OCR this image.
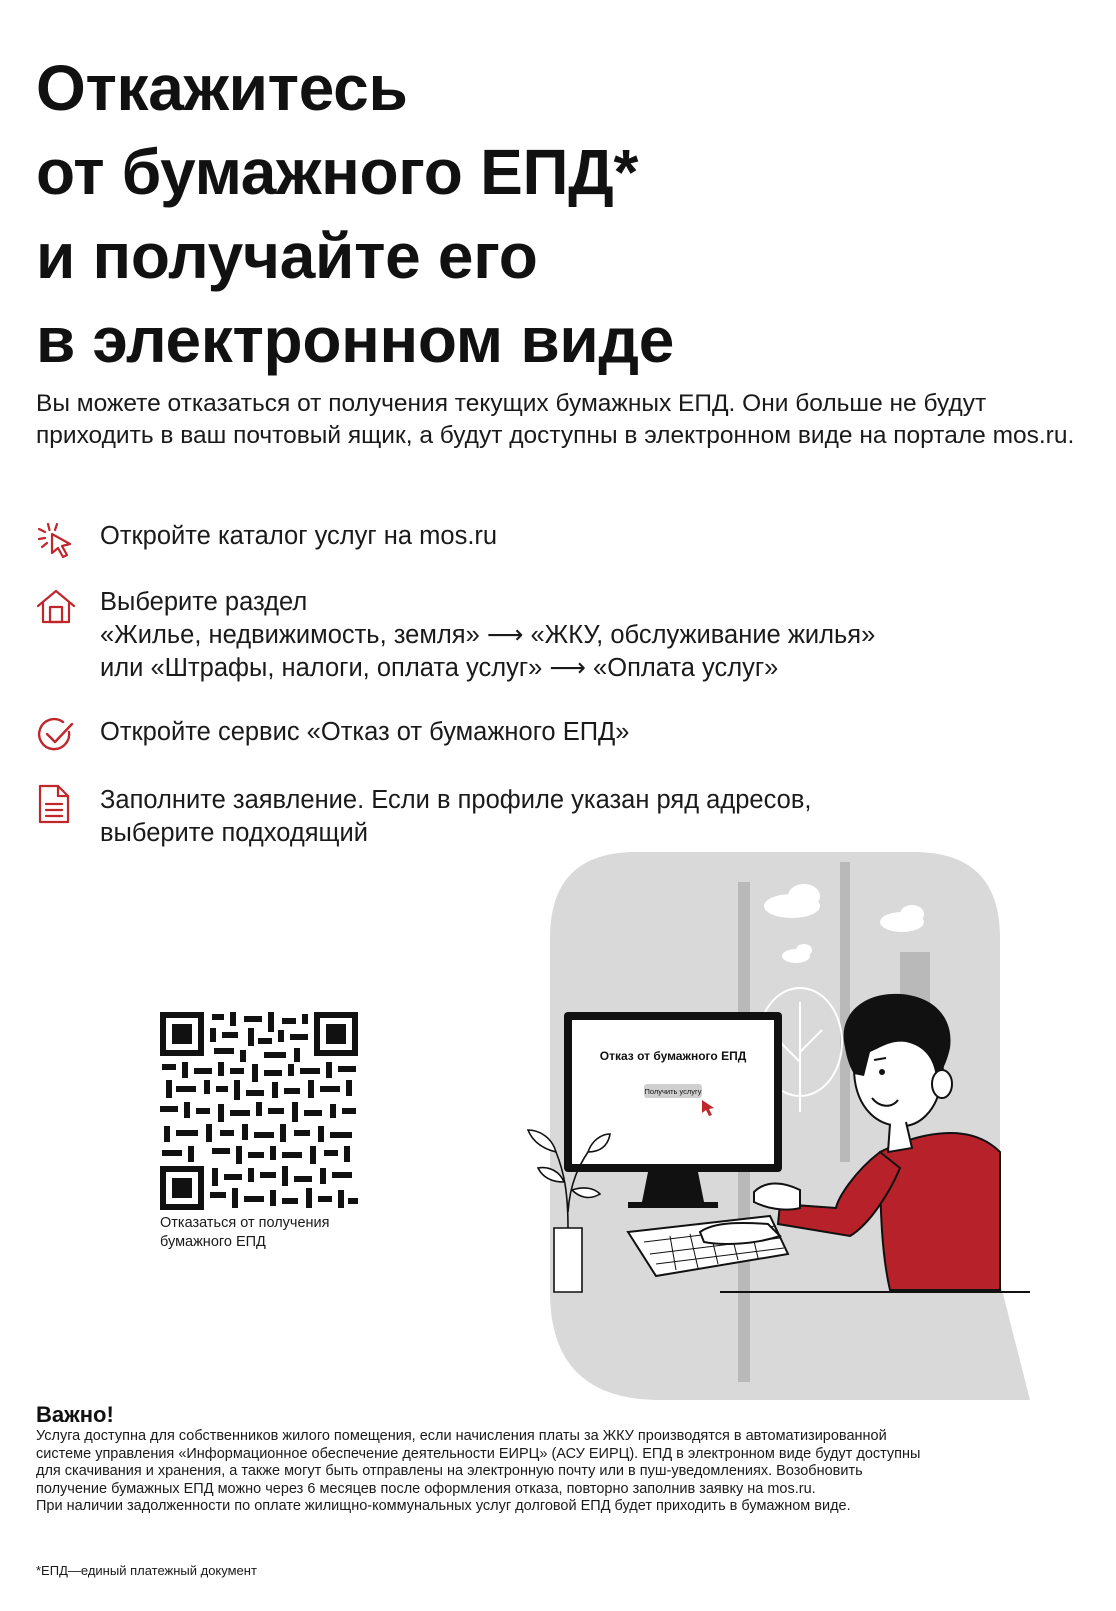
Откажитесь
от бумажного ЕПД*
и получайте его
в электронном виде

Вы можете отказаться от получения текущих бумажных ЕПД. Они больше не будут приходить в ваш почтовый ящик, а будут доступны в электронном виде на портале mos.ru.

Откройте каталог услуг на mos.ru
Выберите раздел
«Жилье, недвижимость, земля» ⟶ «ЖКУ, обслуживание жилья»
или «Штрафы, налоги, оплата услуг» ⟶ «Оплата услуг»
Откройте сервис «Отказ от бумажного ЕПД»
Заполните заявление. Если в профиле указан ряд адресов,
выберите подходящий
Отказаться от получения
бумажного ЕПД
Отказ от бумажного ЕПД
Получить услугу
Важно!
Услуга доступна для собственников жилого помещения, если начисления платы за ЖКУ производятся в автоматизированной
системе управления «Информационное обеспечение деятельности ЕИРЦ» (АСУ ЕИРЦ). ЕПД в электронном виде будут доступны
для скачивания и хранения, а также могут быть отправлены на электронную почту или в пуш-уведомлениях. Возобновить
получение бумажных ЕПД можно через 6 месяцев после оформления отказа, повторно заполнив заявку на mos.ru.
При наличии задолженности по оплате жилищно-коммунальных услуг долговой ЕПД будет приходить в бумажном виде.
*ЕПД—единый платежный документ
